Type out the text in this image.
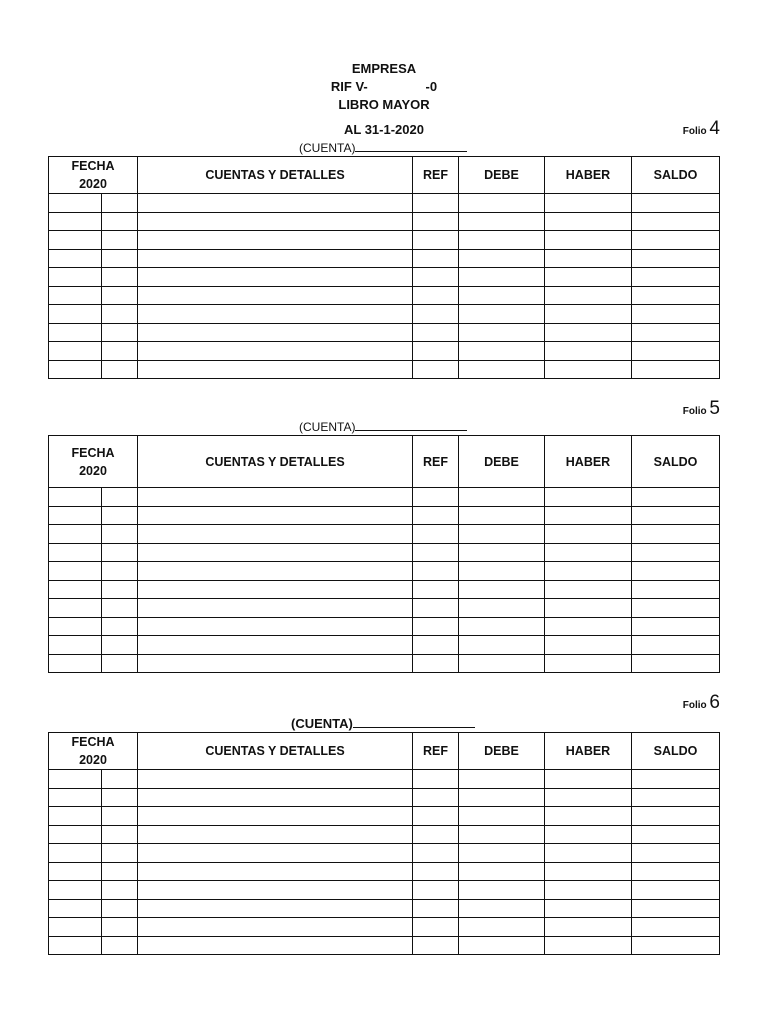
EMPRESA
RIF V-                -0
LIBRO MAYOR
AL 31-1-2020	Folio 4
(CUENTA)
FECHA
2020		CUENTAS Y DETALLES	REF	DEBE	HABER	SALDO

Folio 5
(CUENTA)
FECHA
2020		CUENTAS Y DETALLES	REF	DEBE	HABER	SALDO

Folio 6
(CUENTA)
FECHA
2020		CUENTAS Y DETALLES	REF	DEBE	HABER	SALDO
